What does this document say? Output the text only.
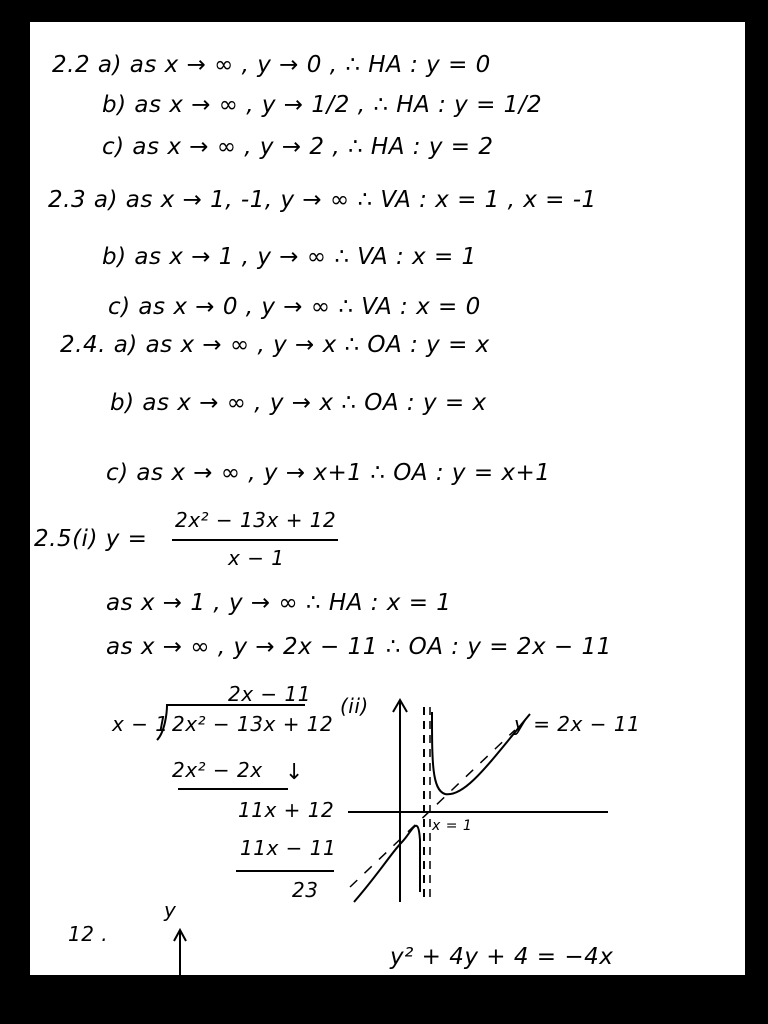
2.2 a) as x → ∞ , y → 0 , ∴ HA : y = 0
b) as x → ∞ , y → 1/2 , ∴ HA : y = 1/2
c) as x → ∞ , y → 2 , ∴ HA : y = 2
2.3 a) as x → 1, -1, y → ∞ ∴ VA : x = 1 , x = -1
b) as x → 1 , y → ∞ ∴ VA : x = 1
c) as x → 0 , y → ∞ ∴ VA : x = 0
2.4. a) as x → ∞ , y → x ∴ OA : y = x
b) as x → ∞ , y → x ∴ OA : y = x
c) as x → ∞ , y → x+1 ∴ OA : y = x+1
2.5(i) y =
2x² − 13x + 12
x − 1
as x → 1 , y → ∞ ∴ HA : x = 1
as x → ∞ , y → 2x − 11 ∴ OA : y = 2x − 11
2x − 11
x − 1 2x² − 13x + 12
2x² − 2x ↓
11x + 12
11x − 11
23
(ii)
y = 2x − 11
x = 1
12 .
y
y² + 4y + 4 = −4x
